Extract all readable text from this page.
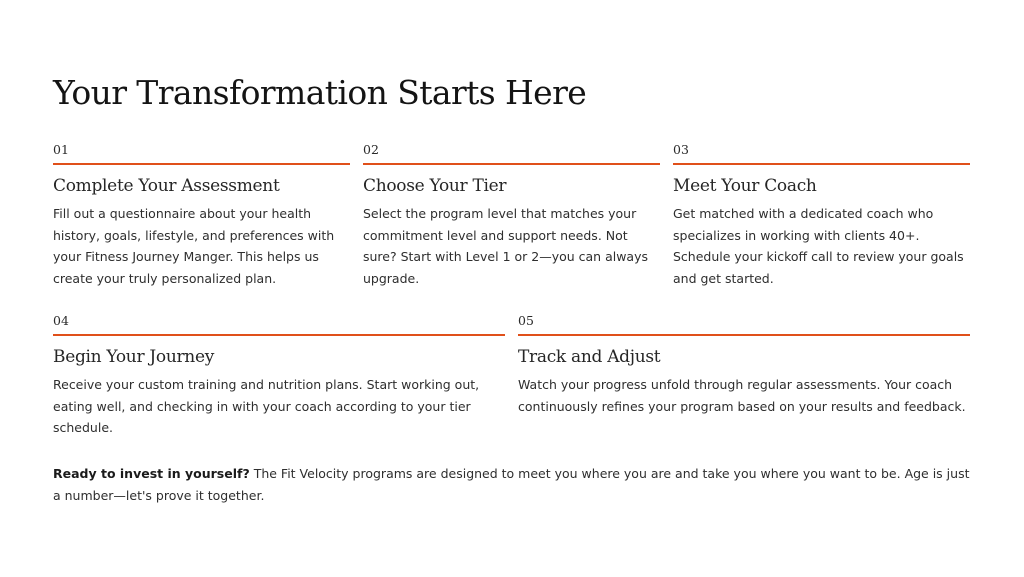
Your Transformation Starts Here
01
Complete Your Assessment
Fill out a questionnaire about your health history, goals, lifestyle, and preferences with your Fitness Journey Manger. This helps us create your truly personalized plan.
02
Choose Your Tier
Select the program level that matches your commitment level and support needs. Not sure? Start with Level 1 or 2—you can always upgrade.
03
Meet Your Coach
Get matched with a dedicated coach who specializes in working with clients 40+. Schedule your kickoff call to review your goals and get started.
04
Begin Your Journey
Receive your custom training and nutrition plans. Start working out, eating well, and checking in with your coach according to your tier schedule.
05
Track and Adjust
Watch your progress unfold through regular assessments. Your coach continuously refines your program based on your results and feedback.

Ready to invest in yourself? The Fit Velocity programs are designed to meet you where you are and take you where you want to be. Age is just a number—let's prove it together.
